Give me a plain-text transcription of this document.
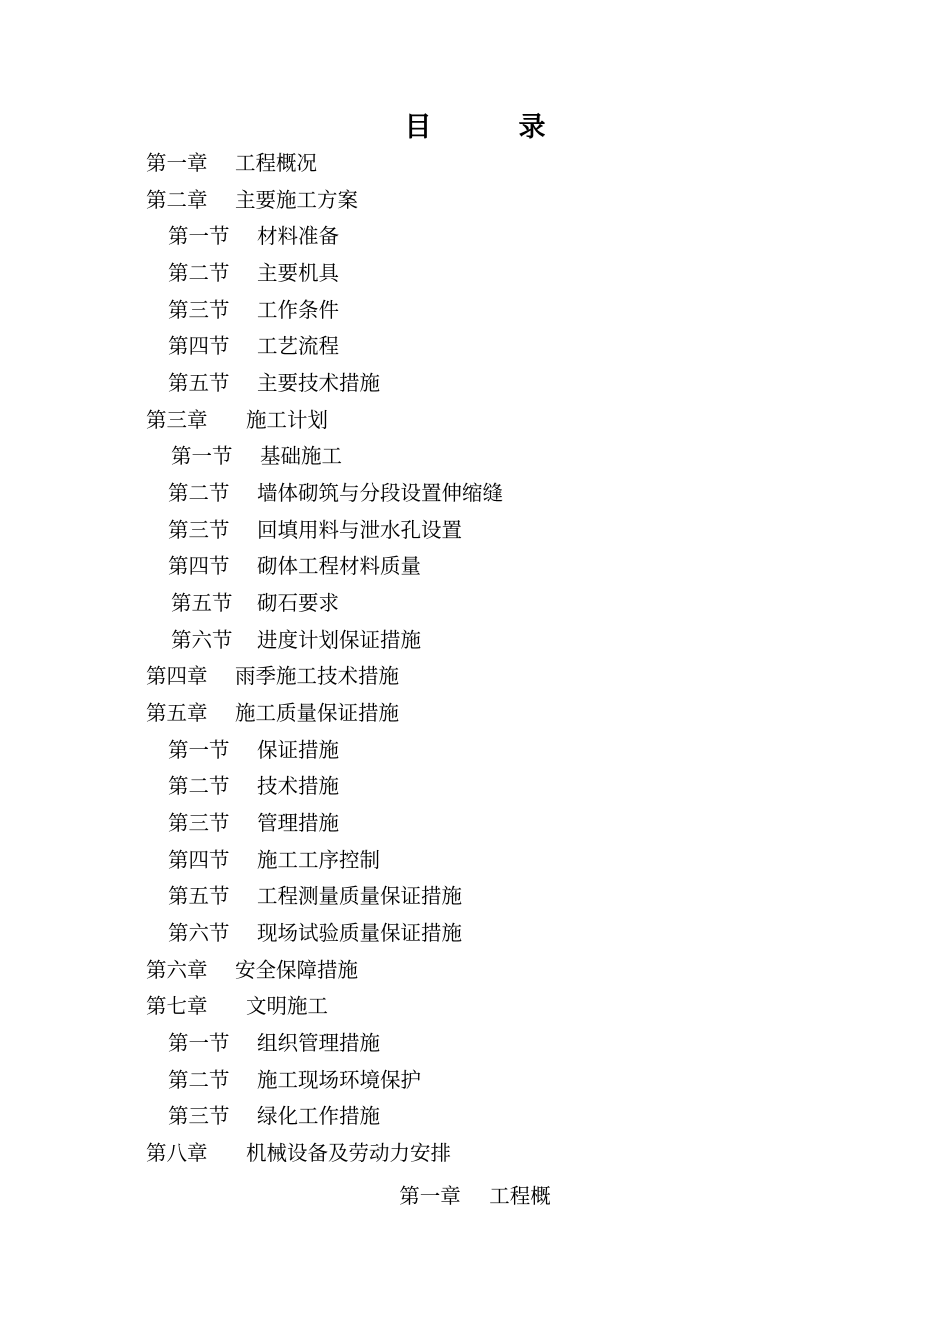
目　录
第一章 工程概况
第二章 主要施工方案
第一节 材料准备
第二节 主要机具
第三节 工作条件
第四节 工艺流程
第五节 主要技术措施
第三章 施工计划
第一节 基础施工
第二节 墙体砌筑与分段设置伸缩缝
第三节 回填用料与泄水孔设置
第四节 砌体工程材料质量
第五节 砌石要求
第六节 进度计划保证措施
第四章 雨季施工技术措施
第五章 施工质量保证措施
第一节 保证措施
第二节 技术措施
第三节 管理措施
第四节 施工工序控制
第五节 工程测量质量保证措施
第六节 现场试验质量保证措施
第六章 安全保障措施
第七章 文明施工
第一节 组织管理措施
第二节 施工现场环境保护
第三节 绿化工作措施
第八章 机械设备及劳动力安排
第一章 工程概
